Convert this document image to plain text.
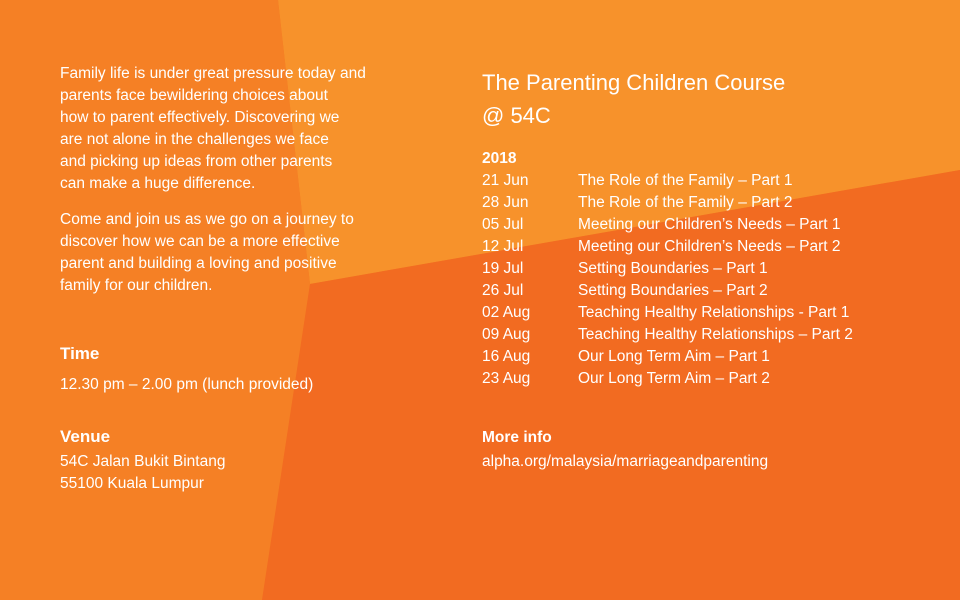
Family life is under great pressure today and
parents face bewildering choices about
how to parent effectively. Discovering we
are not alone in the challenges we face
and picking up ideas from other parents
can make a huge difference.

Come and join us as we go on a journey to
discover how we can be a more effective
parent and building a loving and positive
family for our children.

Time
12.30 pm – 2.00 pm (lunch provided)
Venue
54C Jalan Bukit Bintang
55100 Kuala Lumpur
The Parenting Children Course
@ 54C
2018
21 Jun	The Role of the Family – Part 1
28 Jun	The Role of the Family – Part 2
05 Jul	Meeting our Children’s Needs – Part 1
12 Jul	Meeting our Children’s Needs – Part 2
19 Jul	Setting Boundaries – Part 1
26 Jul	Setting Boundaries – Part 2
02 Aug	Teaching Healthy Relationships - Part 1
09 Aug	Teaching Healthy Relationships – Part 2
16 Aug	Our Long Term Aim – Part 1
23 Aug	Our Long Term Aim – Part 2
More info
alpha.org/malaysia/marriageandparenting
